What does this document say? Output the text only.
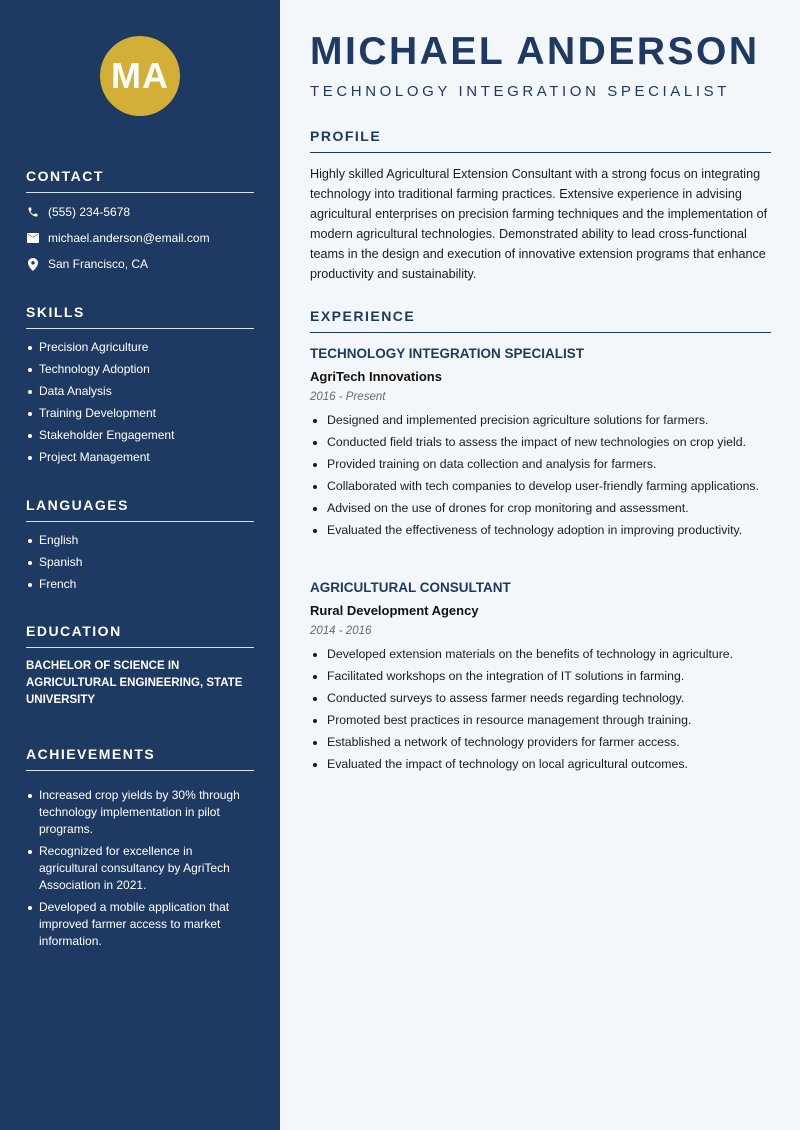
MA
CONTACT
(555) 234-5678
michael.anderson@email.com
San Francisco, CA
SKILLS
Precision Agriculture
Technology Adoption
Data Analysis
Training Development
Stakeholder Engagement
Project Management
LANGUAGES
English
Spanish
French
EDUCATION

BACHELOR OF SCIENCE IN AGRICULTURAL ENGINEERING, STATE UNIVERSITY

ACHIEVEMENTS
Increased crop yields by 30% through technology implementation in pilot programs.
Recognized for excellence in agricultural consultancy by AgriTech Association in 2021.
Developed a mobile application that improved farmer access to market information.
MICHAEL ANDERSON
TECHNOLOGY INTEGRATION SPECIALIST
PROFILE

Highly skilled Agricultural Extension Consultant with a strong focus on integrating technology into traditional farming practices. Extensive experience in advising agricultural enterprises on precision farming techniques and the implementation of modern agricultural technologies. Demonstrated ability to lead cross-functional teams in the design and execution of innovative extension programs that enhance productivity and sustainability.

EXPERIENCE
TECHNOLOGY INTEGRATION SPECIALIST
AgriTech Innovations
2016 - Present
Designed and implemented precision agriculture solutions for farmers.
Conducted field trials to assess the impact of new technologies on crop yield.
Provided training on data collection and analysis for farmers.
Collaborated with tech companies to develop user-friendly farming applications.
Advised on the use of drones for crop monitoring and assessment.
Evaluated the effectiveness of technology adoption in improving productivity.
AGRICULTURAL CONSULTANT
Rural Development Agency
2014 - 2016
Developed extension materials on the benefits of technology in agriculture.
Facilitated workshops on the integration of IT solutions in farming.
Conducted surveys to assess farmer needs regarding technology.
Promoted best practices in resource management through training.
Established a network of technology providers for farmer access.
Evaluated the impact of technology on local agricultural outcomes.
